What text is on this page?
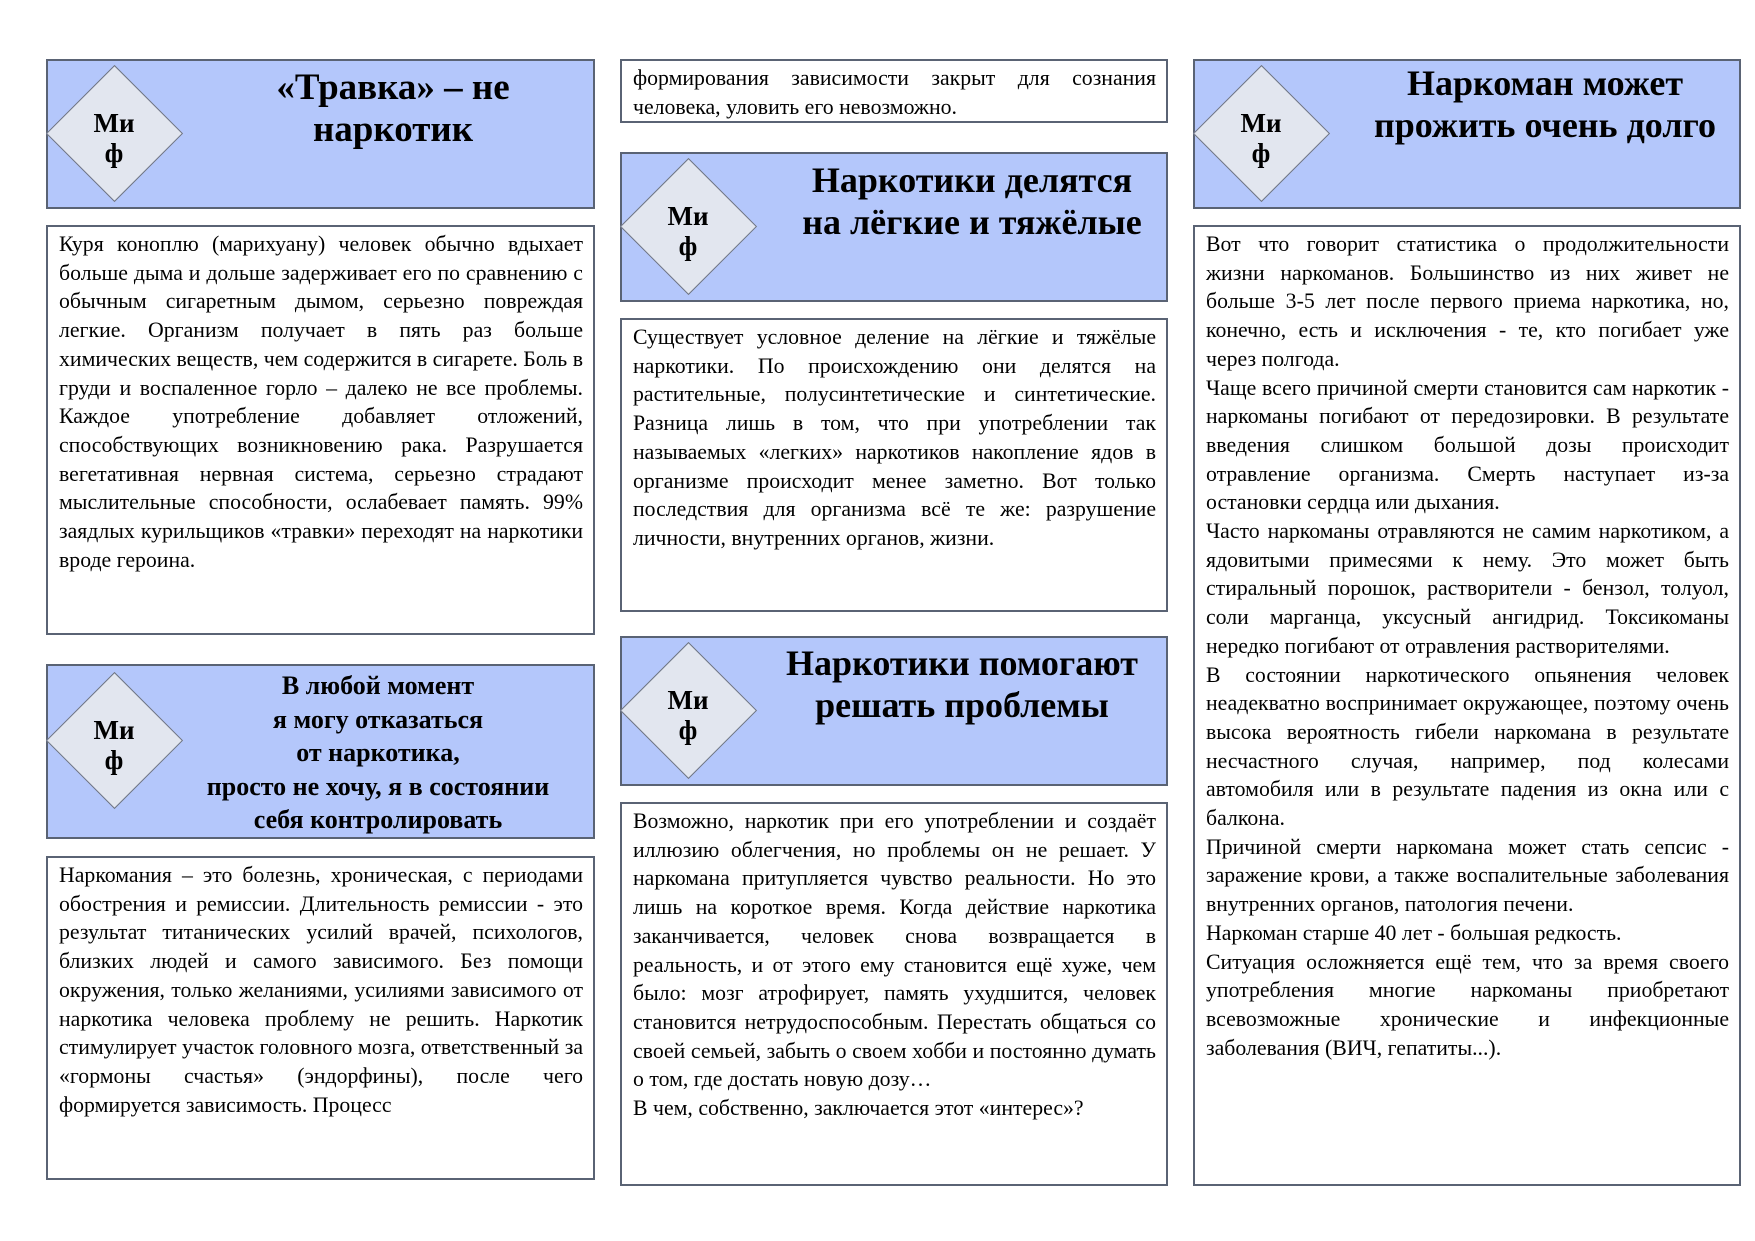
Ми
ф
«Травка» – не
наркотик

Куря коноплю (марихуану) человек обычно вдыхает больше дыма и дольше задерживает его по сравнению с обычным сигаретным дымом, серьезно повреждая легкие. Организм получает в пять раз больше химических веществ, чем содержится в сигарете. Боль в груди и воспаленное горло – далеко не все проблемы. Каждое употребление добавляет отложений, способствующих возникновению рака. Разрушается вегетативная нервная система, серьезно страдают мыслительные способности, ослабевает память. 99% заядлых курильщиков «травки» переходят на наркотики вроде героина.

Ми
ф
В любой момент
я могу отказаться
от наркотика,
просто не хочу, я в состоянии
себя контролировать

Наркомания – это болезнь, хроническая, с периодами обострения и ремиссии. Длительность ремиссии - это результат титанических усилий врачей, психологов, близких людей и самого зависимого. Без помощи окружения, только желаниями, усилиями зависимого от наркотика человека проблему не решить. Наркотик стимулирует участок головного мозга, ответственный за «гормоны счастья» (эндорфины), после чего формируется зависимость. Процесс

формирования зависимости закрыт для сознания человека, уловить его невозможно.

Ми
ф
Наркотики делятся
на лёгкие и тяжёлые

Существует условное деление на лёгкие и тяжёлые наркотики. По происхождению они делятся на растительные, полусинтетические и синтетические. Разница лишь в том, что при употреблении так называемых «легких» наркотиков накопление ядов в организме происходит менее заметно. Вот только последствия для организма всё те же: разрушение личности, внутренних органов, жизни.

Ми
ф
Наркотики помогают
решать проблемы

Возможно, наркотик при его употреблении и создаёт иллюзию облегчения, но проблемы он не решает. У наркомана притупляется чувство реальности. Но это лишь на короткое время. Когда действие наркотика заканчивается, человек снова возвращается в реальность, и от этого ему становится ещё хуже, чем было: мозг атрофирует, память ухудшится, человек становится нетрудоспособным. Перестать общаться со своей семьей, забыть о своем хобби и постоянно думать о том, где достать новую дозу…

В чем, собственно, заключается этот «интерес»?

Ми
ф
Наркоман может
прожить очень долго

Вот что говорит статистика о продолжительности жизни наркоманов. Большинство из них живет не больше 3-5 лет после первого приема наркотика, но, конечно, есть и исключения - те, кто погибает уже через полгода.

Чаще всего причиной смерти становится сам наркотик - наркоманы погибают от передозировки. В результате введения слишком большой дозы происходит отравление организма. Смерть наступает из-за остановки сердца или дыхания.

Часто наркоманы отравляются не самим наркотиком, а ядовитыми примесями к нему. Это может быть стиральный порошок, растворители - бензол, толуол, соли марганца, уксусный ангидрид. Токсикоманы нередко погибают от отравления растворителями.

В состоянии наркотического опьянения человек неадекватно воспринимает окружающее, поэтому очень высока вероятность гибели наркомана в результате несчастного случая, например, под колесами автомобиля или в результате падения из окна или с балкона.

Причиной смерти наркомана может стать сепсис - заражение крови, а также воспалительные заболевания внутренних органов, патология печени.

Наркоман старше 40 лет - большая редкость.

Ситуация осложняется ещё тем, что за время своего употребления многие наркоманы приобретают всевозможные хронические и инфекционные заболевания (ВИЧ, гепатиты...).
